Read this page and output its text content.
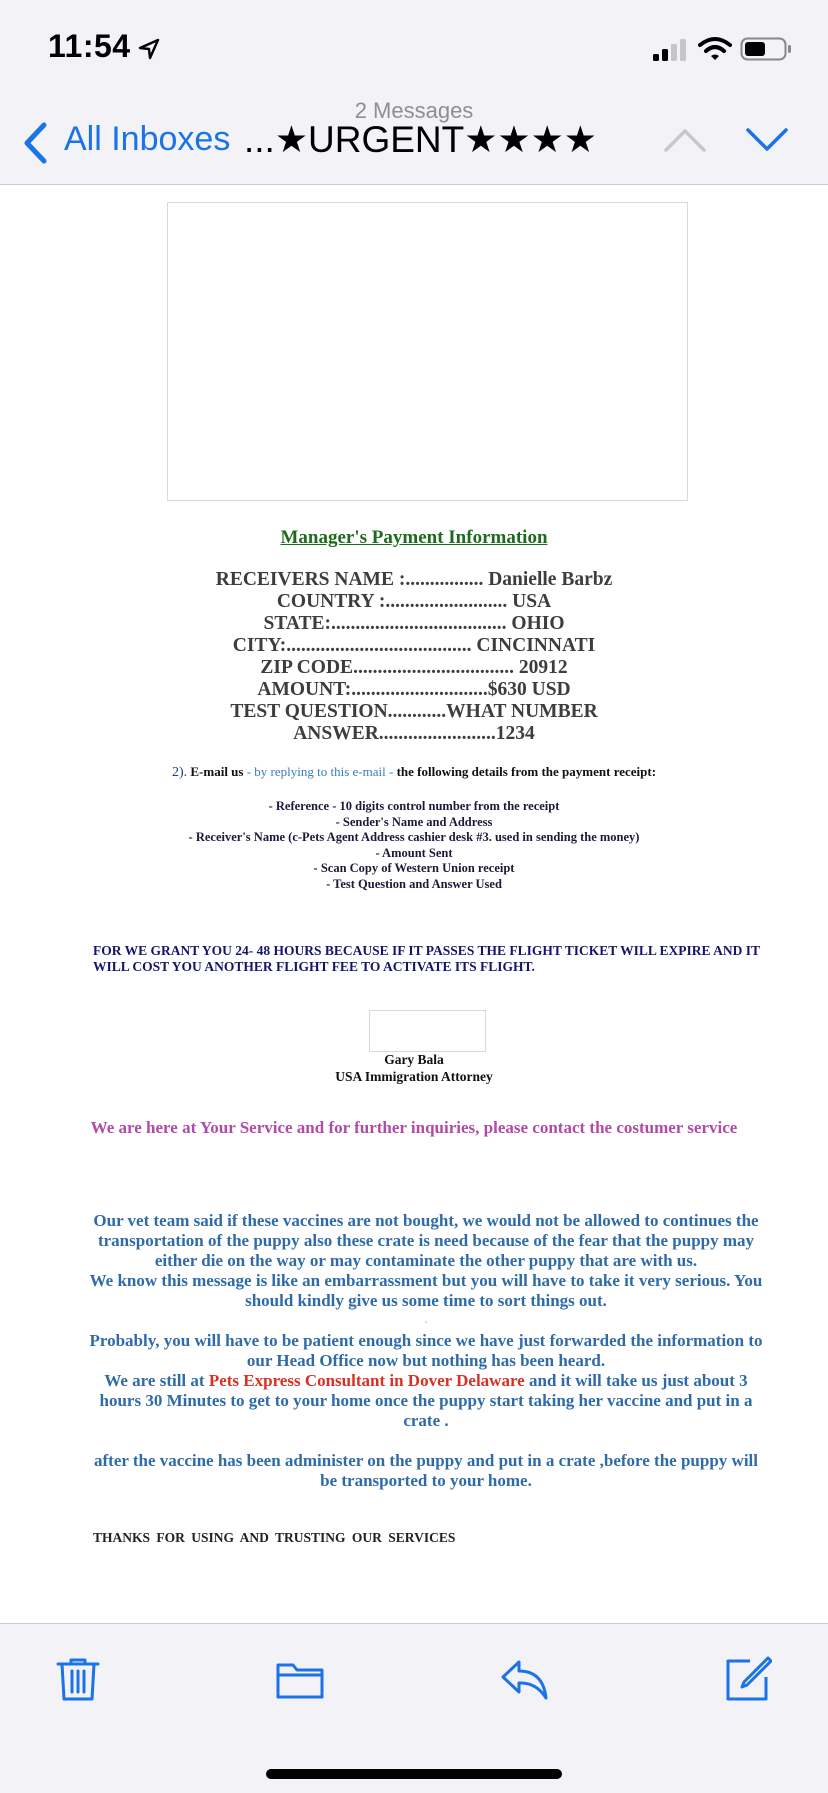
11:54
2 Messages
All Inboxes ...★URGENT★★★★
Manager's Payment Information
RECEIVERS NAME :................ Danielle Barbz
COUNTRY :......................... USA
STATE:.................................... OHIO
CITY:...................................... CINCINNATI
ZIP CODE................................. 20912
AMOUNT:............................$630 USD
TEST QUESTION............WHAT NUMBER
ANSWER........................1234
2). E-mail us - by replying to this e-mail - the following details from the payment receipt:
- Reference - 10 digits control number from the receipt
- Sender's Name and Address
- Receiver's Name (c-Pets Agent Address cashier desk #3. used in sending the money)
- Amount Sent
- Scan Copy of Western Union receipt
- Test Question and Answer Used
FOR WE GRANT YOU 24- 48 HOURS BECAUSE IF IT PASSES THE FLIGHT TICKET WILL EXPIRE AND IT WILL COST YOU ANOTHER FLIGHT FEE TO ACTIVATE ITS FLIGHT.
Gary Bala
USA Immigration Attorney
We are here at Your Service and for further inquiries, please contact the costumer service

Our vet team said if these vaccines are not bought, we would not be allowed to continues the transportation of the puppy also these crate is need because of the fear that the puppy may either die on the way or may contaminate the other puppy that are with us.

We know this message is like an embarrassment but you will have to take it very serious. You should kindly give us some time to sort things out.

.

Probably, you will have to be patient enough since we have just forwarded the information to our Head Office now but nothing has been heard.

We are still at Pets Express Consultant in Dover Delaware and it will take us just about 3 hours 30 Minutes to get to your home once the puppy start taking her vaccine and put in a crate .

after the vaccine has been administer on the puppy and put in a crate ,before the puppy will be transported to your home.

THANKS FOR USING AND TRUSTING OUR SERVICES
